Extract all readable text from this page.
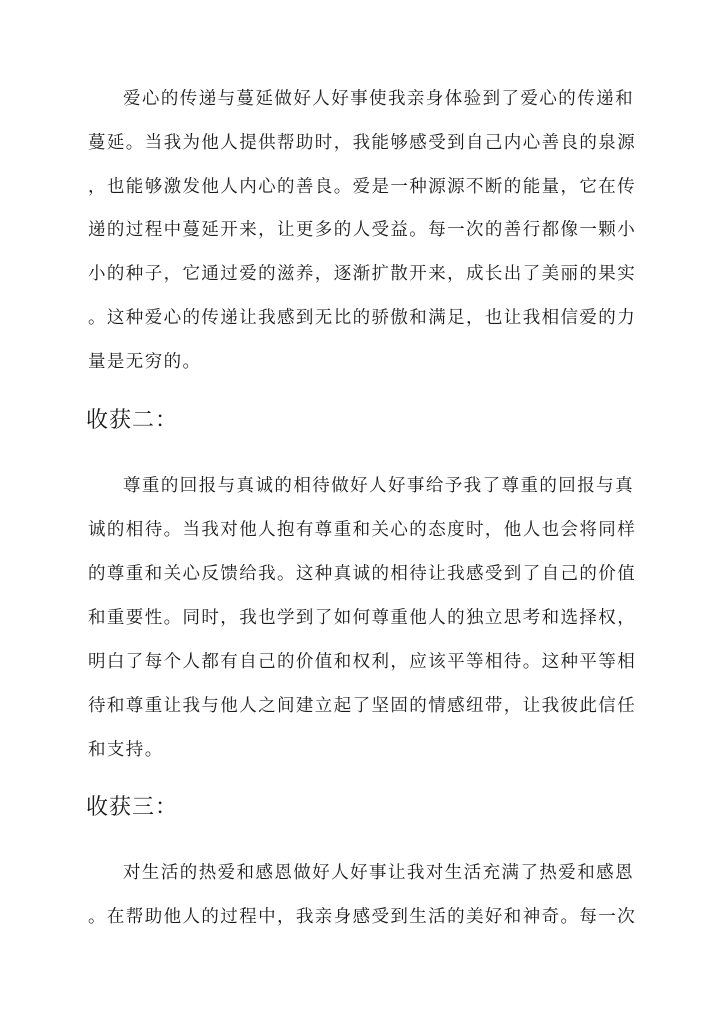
爱心的传递与蔓延做好人好事使我亲身体验到了爱心的传递和
蔓延。当我为他人提供帮助时，我能够感受到自己内心善良的泉源
，也能够激发他人内心的善良。爱是一种源源不断的能量，它在传
递的过程中蔓延开来，让更多的人受益。每一次的善行都像一颗小
小的种子，它通过爱的滋养，逐渐扩散开来，成长出了美丽的果实
。这种爱心的传递让我感到无比的骄傲和满足，也让我相信爱的力
量是无穷的。
收获二：
尊重的回报与真诚的相待做好人好事给予我了尊重的回报与真
诚的相待。当我对他人抱有尊重和关心的态度时，他人也会将同样
的尊重和关心反馈给我。这种真诚的相待让我感受到了自己的价值
和重要性。同时，我也学到了如何尊重他人的独立思考和选择权，
明白了每个人都有自己的价值和权利，应该平等相待。这种平等相
待和尊重让我与他人之间建立起了坚固的情感纽带，让我彼此信任
和支持。
收获三：
对生活的热爱和感恩做好人好事让我对生活充满了热爱和感恩
。在帮助他人的过程中，我亲身感受到生活的美好和神奇。每一次
